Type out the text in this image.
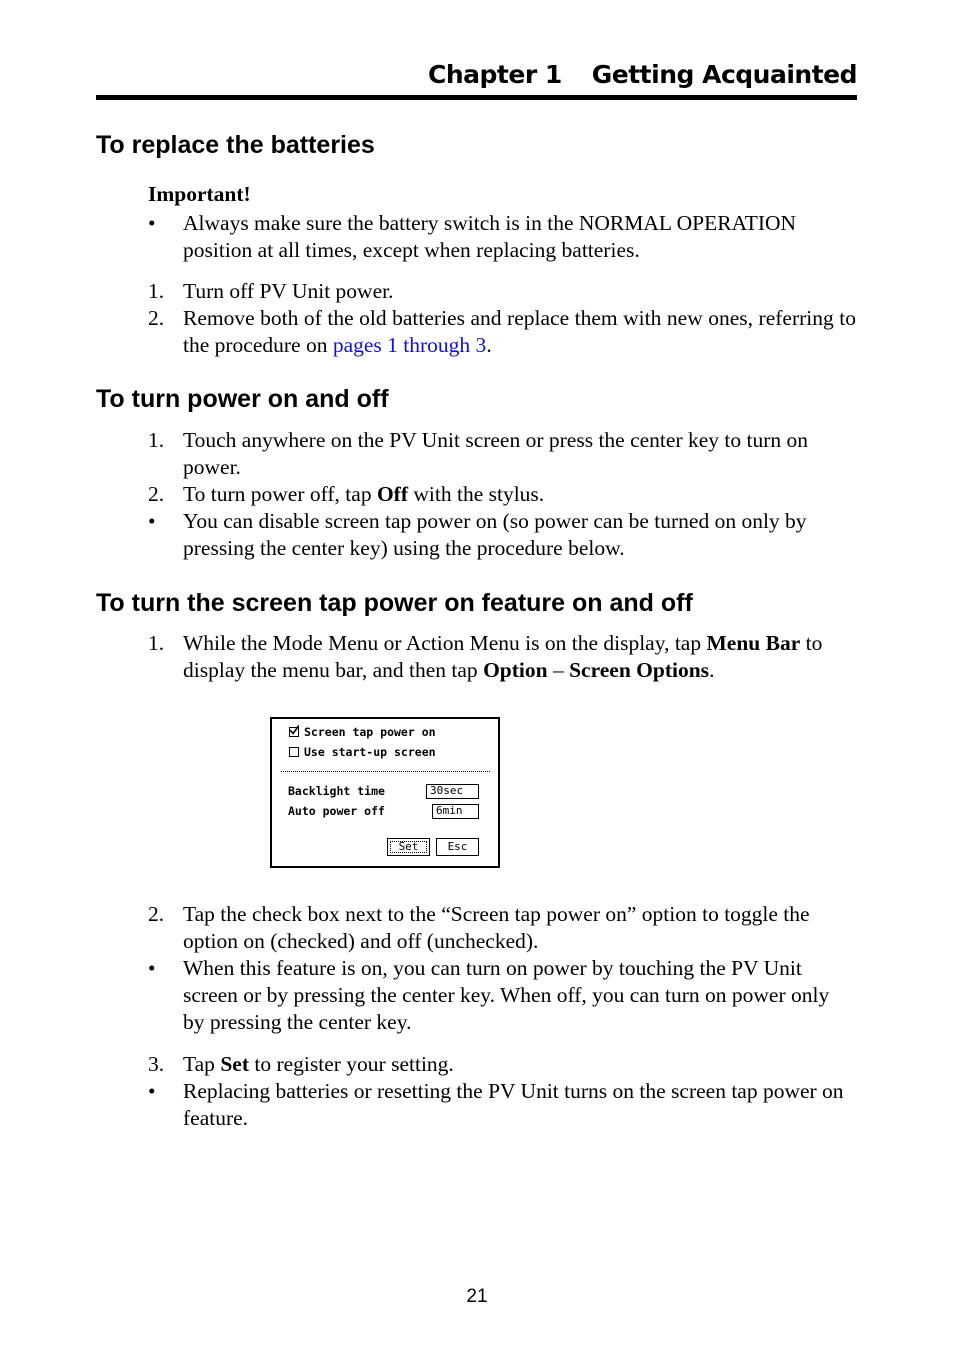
Chapter 1 Getting Acquainted
To replace the batteries
Important!
•	Always make sure the battery switch is in the NORMAL OPERATION position at all times, except when replacing batteries.
1. Turn off PV Unit power.
2. Remove both of the old batteries and replace them with new ones, referring to the procedure on pages 1 through 3.
To turn power on and off
1. Touch anywhere on the PV Unit screen or press the center key to turn on power.
2. To turn power off, tap Off with the stylus.
•	You can disable screen tap power on (so power can be turned on only by pressing the center key) using the procedure below.
To turn the screen tap power on feature on and off
1. While the Mode Menu or Action Menu is on the display, tap Menu Bar to display the menu bar, and then tap Option – Screen Options.
Screen tap power on
Use start-up screen
Backlight time	30sec
Auto power off	6min
Set	Esc
2. Tap the check box next to the “Screen tap power on” option to toggle the option on (checked) and off (unchecked).
•	When this feature is on, you can turn on power by touching the PV Unit screen or by pressing the center key. When off, you can turn on power only by pressing the center key.
3. Tap Set to register your setting.
•	Replacing batteries or resetting the PV Unit turns on the screen tap power on feature.
21
